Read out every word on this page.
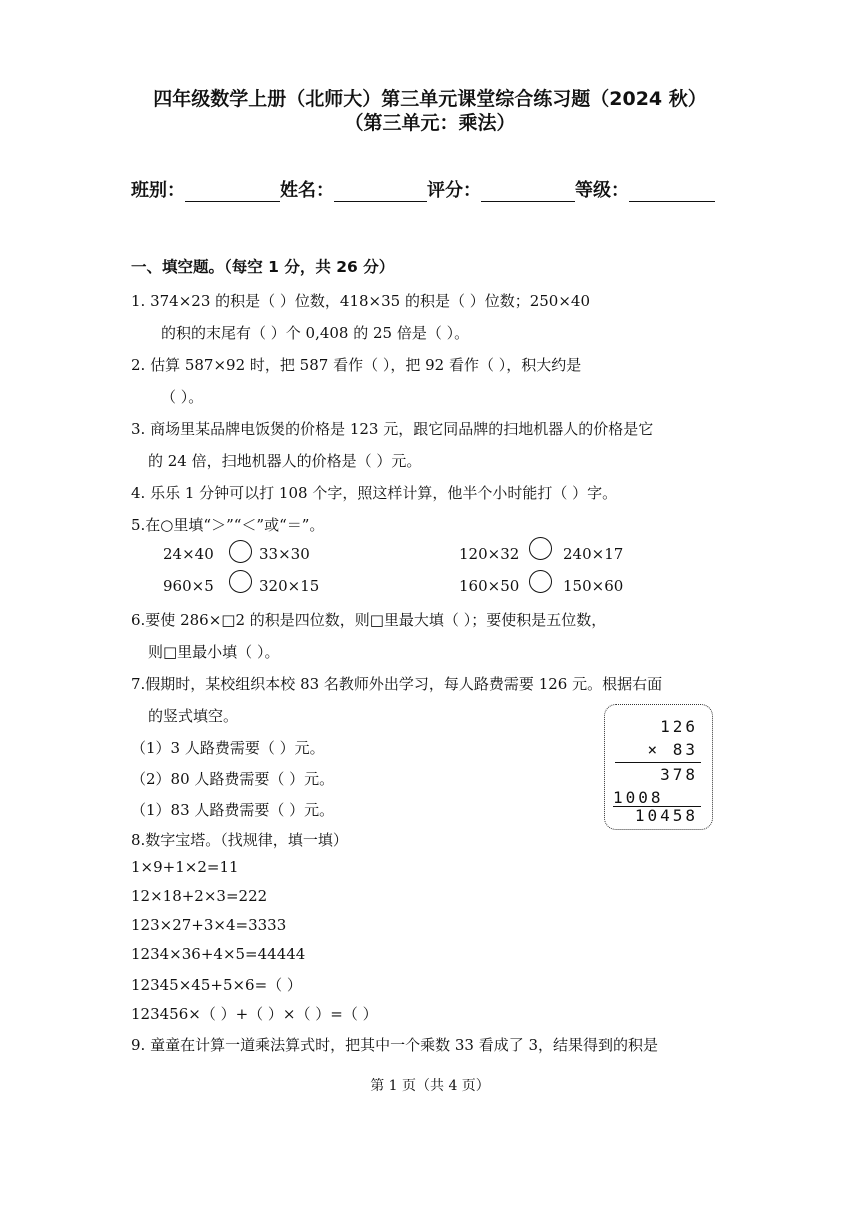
四年级数学上册（北师大）第三单元课堂综合练习题（2024 秋）
（第三单元：乘法）
班别：	姓名：	评分：	等级：
一、填空题。（每空 1 分，共 26 分）
1. 374×23 的积是（ ）位数，418×35 的积是（ ）位数；250×40
的积的末尾有（ ）个 0,408 的 25 倍是（ ）。
2. 估算 587×92 时，把 587 看作（ ），把 92 看作（ ），积大约是
（ ）。
3. 商场里某品牌电饭煲的价格是 123 元，跟它同品牌的扫地机器人的价格是它
的 24 倍，扫地机器人的价格是（ ）元。
4. 乐乐 1 分钟可以打 108 个字，照这样计算，他半个小时能打（ ）字。
5.在○里填“＞”“＜”或“＝”。
24×40	33×30	120×32	240×17
960×5	320×15	160×50	150×60
6.要使 286×□2 的积是四位数，则□里最大填（ ）；要使积是五位数，
则□里最小填（ ）。
7.假期时，某校组织本校 83 名教师外出学习，每人路费需要 126 元。根据右面
的竖式填空。
（1）3 人路费需要（ ）元。
（2）80 人路费需要（ ）元。
（1）83 人路费需要（ ）元。
126
× 83
378
1008
10458
8.数字宝塔。（找规律，填一填）
1×9+1×2=11
12×18+2×3=222
123×27+3×4=3333
1234×36+4×5=44444
12345×45+5×6=（ ）
123456×（ ）+（ ）×（ ）=（ ）
9. 童童在计算一道乘法算式时，把其中一个乘数 33 看成了 3，结果得到的积是
第 1 页（共 4 页）
